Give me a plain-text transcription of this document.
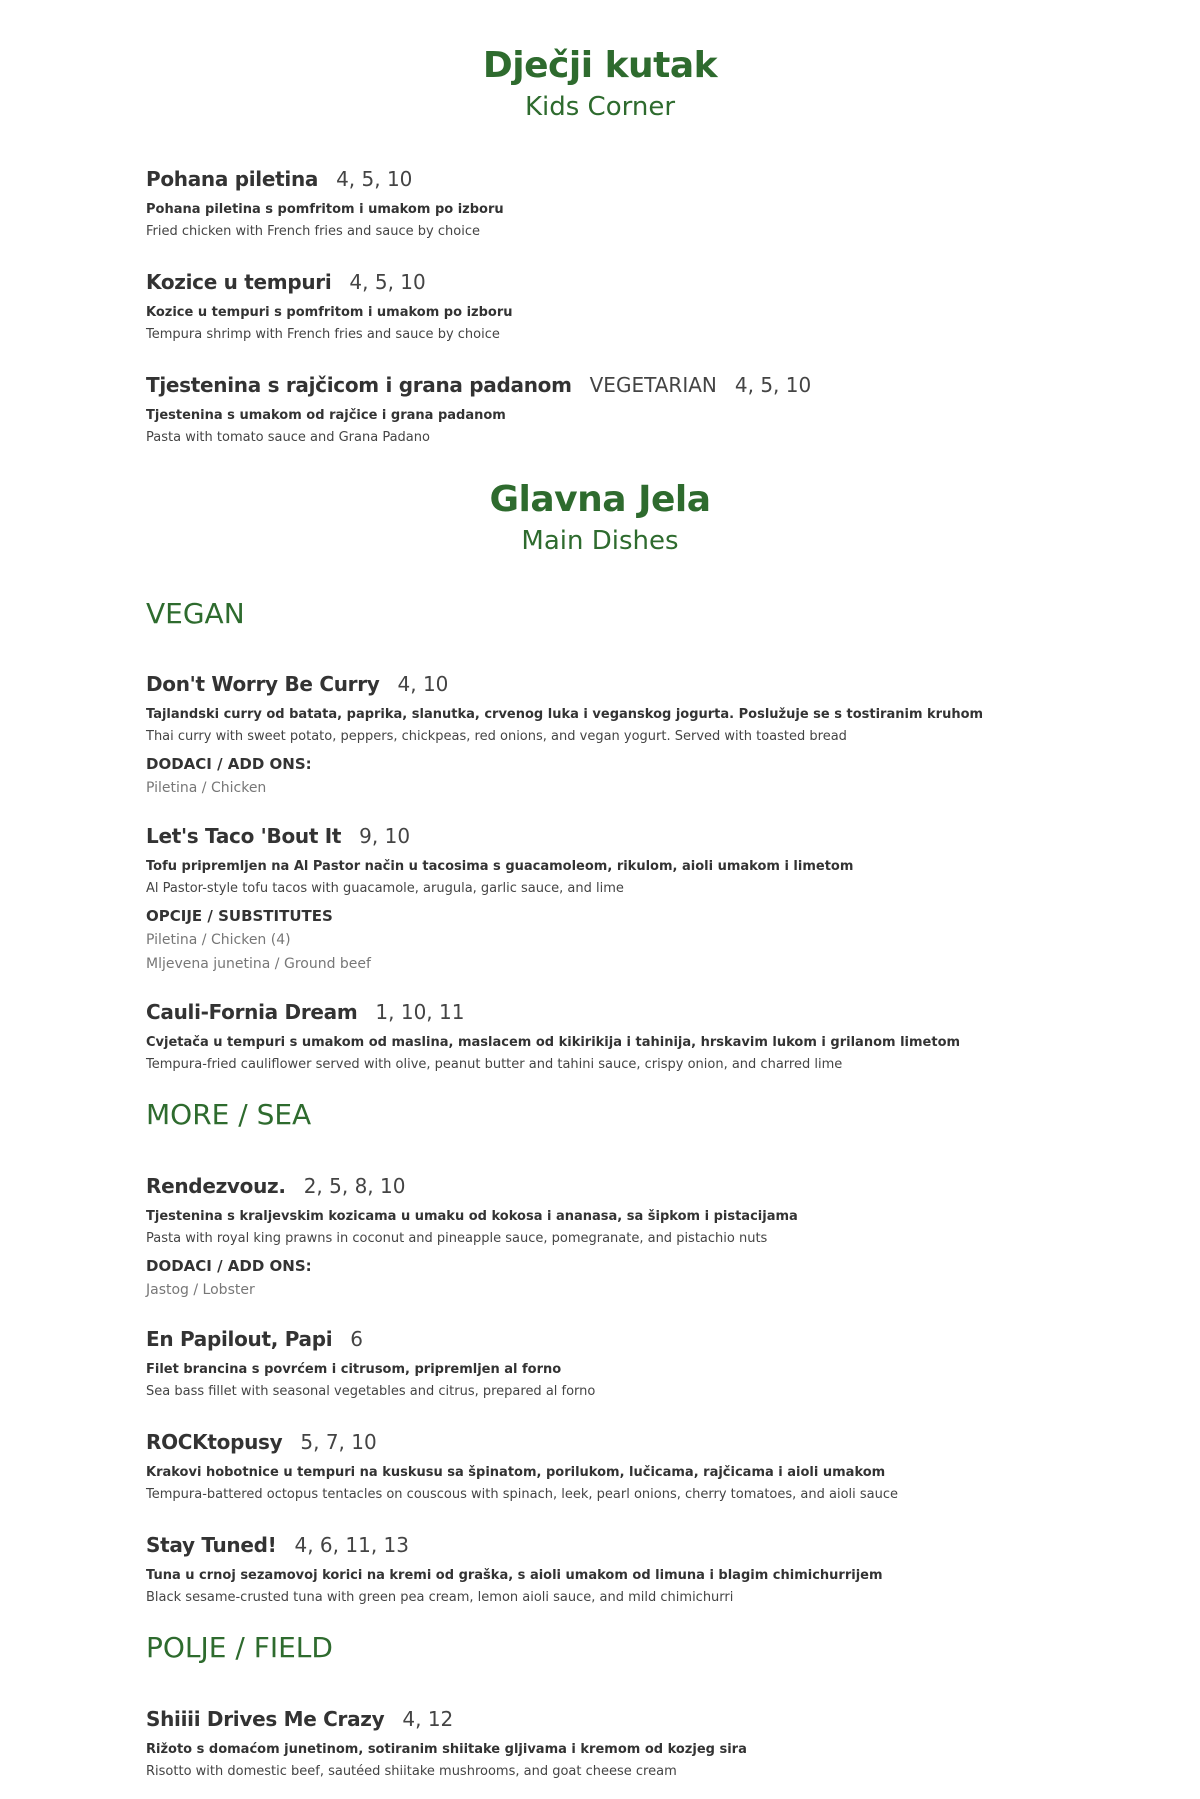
Dječji kutak
Kids Corner
Pohana piletina 4, 5, 10
Pohana piletina s pomfritom i umakom po izboru
Fried chicken with French fries and sauce by choice
Kozice u tempuri 4, 5, 10
Kozice u tempuri s pomfritom i umakom po izboru
Tempura shrimp with French fries and sauce by choice
Tjestenina s rajčicom i grana padanom VEGETARIAN 4, 5, 10
Tjestenina s umakom od rajčice i grana padanom
Pasta with tomato sauce and Grana Padano
Glavna Jela
Main Dishes
VEGAN
Don't Worry Be Curry 4, 10
Tajlandski curry od batata, paprika, slanutka, crvenog luka i veganskog jogurta. Poslužuje se s tostiranim kruhom
Thai curry with sweet potato, peppers, chickpeas, red onions, and vegan yogurt. Served with toasted bread
DODACI / ADD ONS:
Piletina / Chicken
Let's Taco 'Bout It 9, 10
Tofu pripremljen na Al Pastor način u tacosima s guacamoleom, rikulom, aioli umakom i limetom
Al Pastor-style tofu tacos with guacamole, arugula, garlic sauce, and lime
OPCIJE / SUBSTITUTES
Piletina / Chicken (4)
Mljevena junetina / Ground beef
Cauli-Fornia Dream 1, 10, 11
Cvjetača u tempuri s umakom od maslina, maslacem od kikirikija i tahinija, hrskavim lukom i grilanom limetom
Tempura-fried cauliflower served with olive, peanut butter and tahini sauce, crispy onion, and charred lime
MORE / SEA
Rendezvouz. 2, 5, 8, 10
Tjestenina s kraljevskim kozicama u umaku od kokosa i ananasa, sa šipkom i pistacijama
Pasta with royal king prawns in coconut and pineapple sauce, pomegranate, and pistachio nuts
DODACI / ADD ONS:
Jastog / Lobster
En Papilout, Papi 6
Filet brancina s povrćem i citrusom, pripremljen al forno
Sea bass fillet with seasonal vegetables and citrus, prepared al forno
ROCKtopusy 5, 7, 10
Krakovi hobotnice u tempuri na kuskusu sa špinatom, porilukom, lučicama, rajčicama i aioli umakom
Tempura-battered octopus tentacles on couscous with spinach, leek, pearl onions, cherry tomatoes, and aioli sauce
Stay Tuned! 4, 6, 11, 13
Tuna u crnoj sezamovoj korici na kremi od graška, s aioli umakom od limuna i blagim chimichurrijem
Black sesame-crusted tuna with green pea cream, lemon aioli sauce, and mild chimichurri
POLJE / FIELD
Shiiii Drives Me Crazy 4, 12
Rižoto s domaćom junetinom, sotiranim shiitake gljivama i kremom od kozjeg sira
Risotto with domestic beef, sautéed shiitake mushrooms, and goat cheese cream
